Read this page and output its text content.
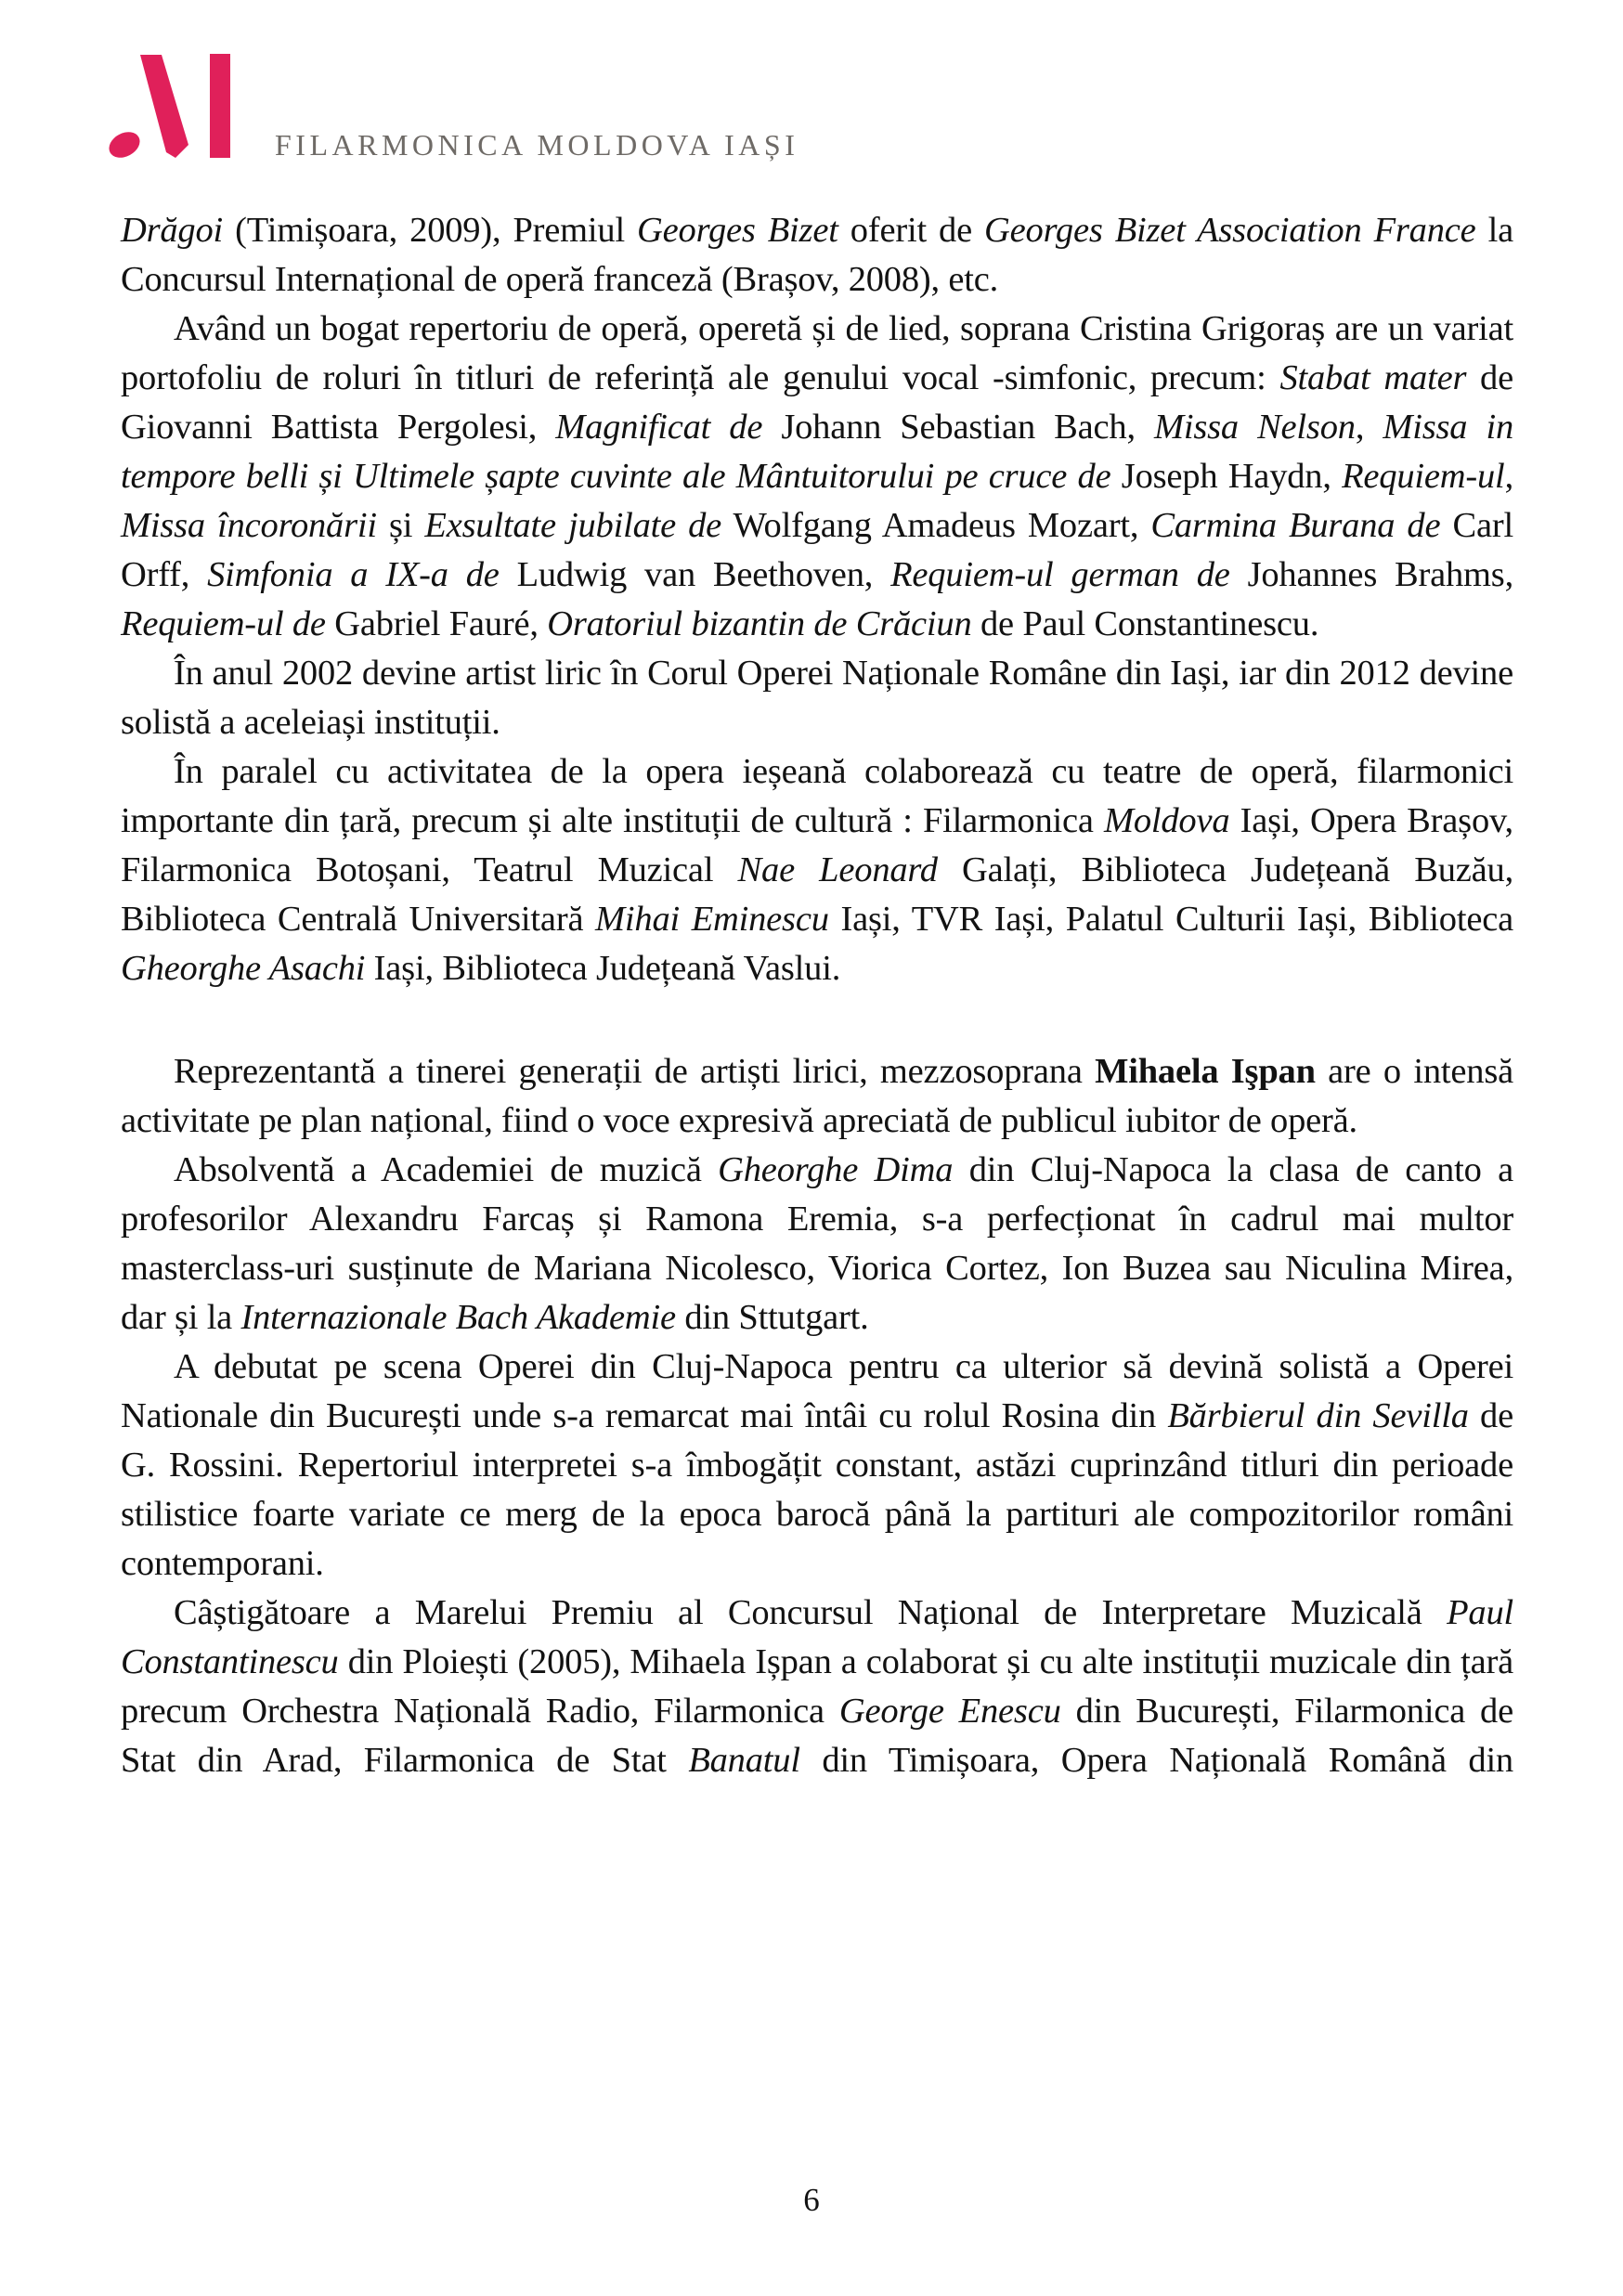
FILARMONICA MOLDOVA IAȘI

Drăgoi (Timișoara, 2009), Premiul Georges Bizet oferit de Georges Bizet Association France la Concursul Internațional de operă franceză (Brașov, 2008), etc.

Având un bogat repertoriu de operă, operetă și de lied, soprana Cristina Grigoraș are un variat portofoliu de roluri în titluri de referință ale genului vocal -simfonic, precum: Stabat mater de Giovanni Battista Pergolesi, Magnificat de Johann Sebastian Bach, Missa Nelson, Missa in tempore belli și Ultimele șapte cuvinte ale Mântuitorului pe cruce de Joseph Haydn, Requiem-ul, Missa încoronării și Exsultate jubilate de Wolfgang Amadeus Mozart, Carmina Burana de Carl Orff, Simfonia a IX-a de Ludwig van Beethoven, Requiem-ul german de Johannes Brahms, Requiem-ul de Gabriel Fauré, Oratoriul bizantin de Crăciun de Paul Constantinescu.

În anul 2002 devine artist liric în Corul Operei Naționale Române din Iași, iar din 2012 devine solistă a aceleiași instituții.

În paralel cu activitatea de la opera ieșeană colaborează cu teatre de operă, filarmonici importante din țară, precum și alte instituții de cultură : Filarmonica Moldova Iași, Opera Brașov, Filarmonica Botoșani, Teatrul Muzical Nae Leonard Galați, Biblioteca Județeană Buzău, Biblioteca Centrală Universitară Mihai Eminescu Iași, TVR Iași, Palatul Culturii Iași, Biblioteca Gheorghe Asachi Iași, Biblioteca Județeană Vaslui.

Reprezentantă a tinerei generații de artiști lirici, mezzosoprana Mihaela Işpan are o intensă activitate pe plan național, fiind o voce expresivă apreciată de publicul iubitor de operă.

Absolventă a Academiei de muzică Gheorghe Dima din Cluj-Napoca la clasa de canto a profesorilor Alexandru Farcaș și Ramona Eremia, s-a perfecționat în cadrul mai multor masterclass-uri susținute de Mariana Nicolesco, Viorica Cortez, Ion Buzea sau Niculina Mirea, dar și la Internazionale Bach Akademie din Sttutgart.

A debutat pe scena Operei din Cluj-Napoca pentru ca ulterior să devină solistă a Operei Nationale din București unde s-a remarcat mai întâi cu rolul Rosina din Bărbierul din Sevilla de G. Rossini. Repertoriul interpretei s-a îmbogățit constant, astăzi cuprinzând titluri din perioade stilistice foarte variate ce merg de la epoca barocă până la partituri ale compozitorilor români contemporani.

Câștigătoare a Marelui Premiu al Concursul Național de Interpretare Muzicală Paul Constantinescu din Ploiești (2005), Mihaela Ișpan a colaborat și cu alte instituții muzicale din țară precum Orchestra Națională Radio, Filarmonica George Enescu din București, Filarmonica de Stat din Arad, Filarmonica de Stat Banatul din Timișoara, Opera Națională Română din

6
